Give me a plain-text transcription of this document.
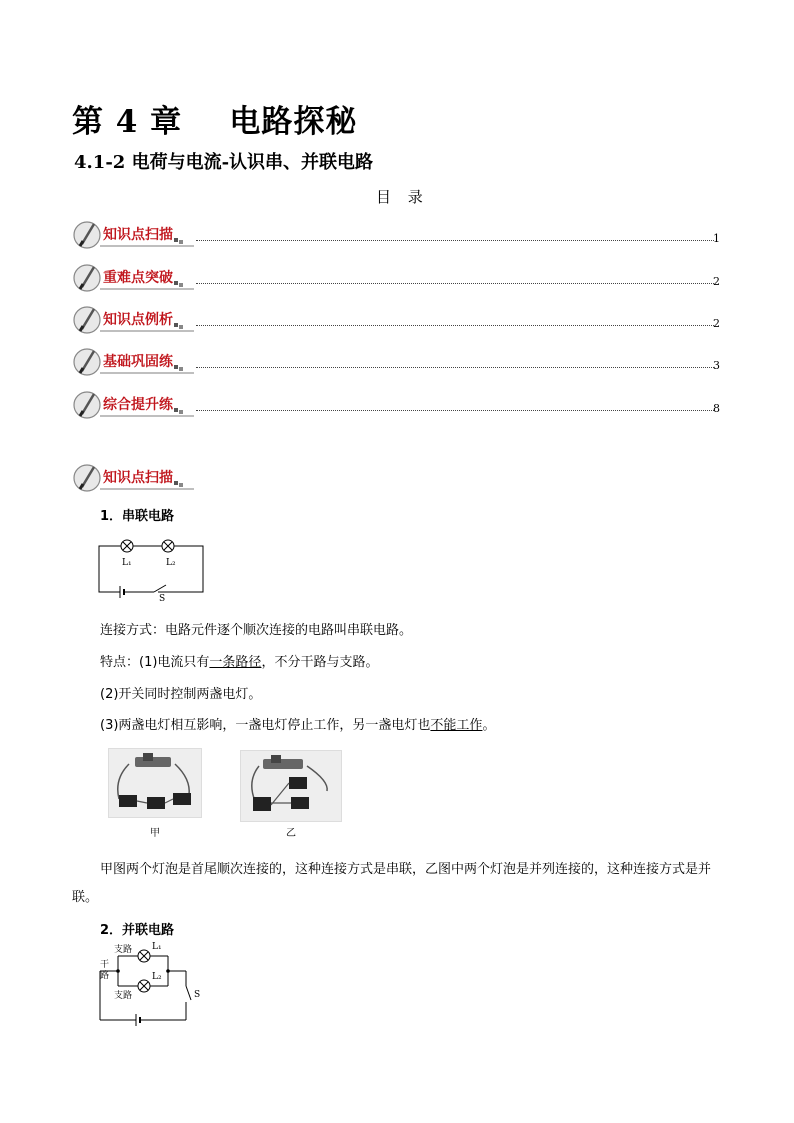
第 4 章    电路探秘
4.1-2 电荷与电流-认识串、并联电路
目 录
知识点扫描	1
重难点突破	2
知识点例析	2
基础巩固练	3
综合提升练	8
知识点扫描
1．串联电路
L₁	L₂
S
连接方式：电路元件逐个顺次连接的电路叫串联电路。
特点：(1)电流只有一条路径，不分干路与支路。
(2)开关同时控制两盏电灯。
(3)两盏电灯相互影响，一盏电灯停止工作，另一盏电灯也不能工作。
甲	乙
甲图两个灯泡是首尾顺次连接的，这种连接方式是串联，乙图中两个灯泡是并列连接的，这种连接方式是并联。
2．并联电路
支路
支路
干路
L₁
L₂
S
